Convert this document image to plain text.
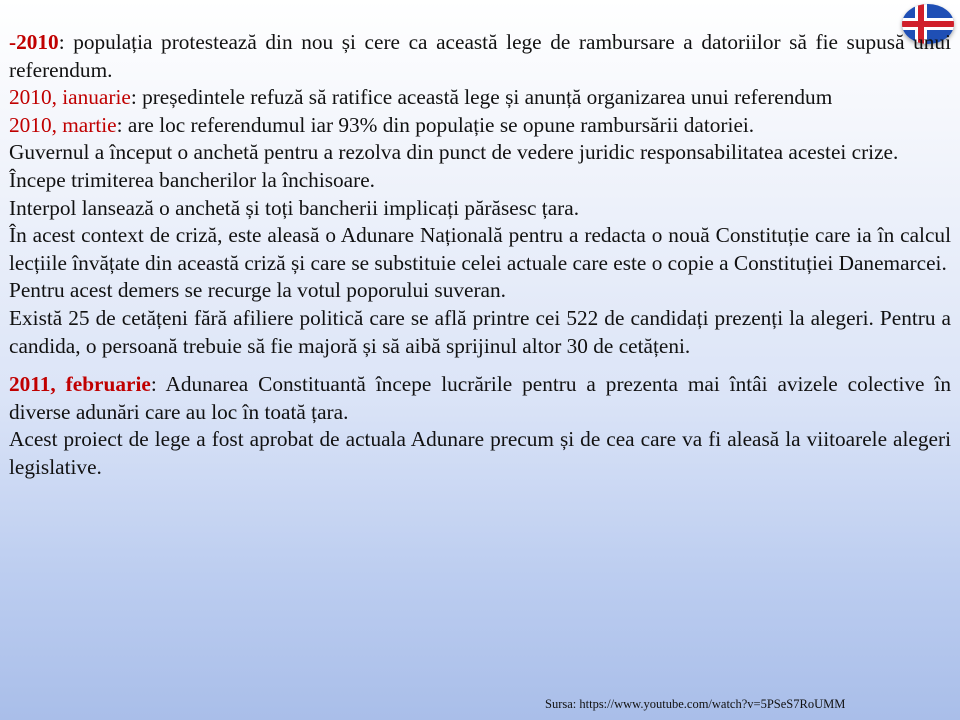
-2010: populația protestează din nou și cere ca această lege de rambursare a datoriilor să fie supusă unui referendum.

2010, ianuarie: președintele refuză să ratifice această lege și anunță organizarea unui referendum

2010, martie: are loc referendumul iar 93% din populație se opune rambursării datoriei.

Guvernul a început o anchetă pentru a rezolva din punct de vedere juridic responsabilitatea acestei crize.

Începe trimiterea bancherilor la închisoare.

Interpol lansează o anchetă și toți bancherii implicați părăsesc țara.

În acest context de criză, este aleasă o Adunare Națională pentru a redacta o nouă Constituție care ia în calcul lecțiile învățate din această criză și care se substituie celei actuale care este o copie a Constituției Danemarcei.

Pentru acest demers se recurge la votul poporului suveran.

Există 25 de cetățeni fără afiliere politică care se află printre cei 522 de candidați prezenți la alegeri. Pentru a candida, o persoană trebuie să fie majoră și să aibă sprijinul altor 30 de cetățeni.

2011, februarie: Adunarea Constituantă începe lucrările pentru a prezenta mai întâi avizele colective în diverse adunări care au loc în toată țara.

Acest proiect de lege a fost aprobat de actuala Adunare precum și de cea care va fi aleasă la viitoarele alegeri legislative.

Sursa: https://www.youtube.com/watch?v=5PSeS7RoUMM
